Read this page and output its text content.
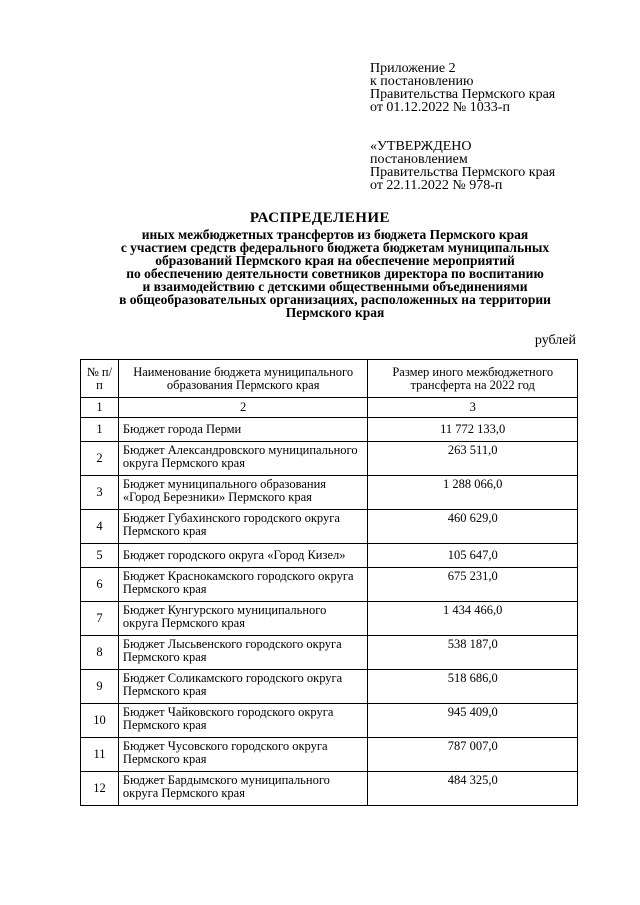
Приложение 2
к постановлению
Правительства Пермского края
от 01.12.2022 № 1033-п
«УТВЕРЖДЕНО
постановлением
Правительства Пермского края
от 22.11.2022 № 978-п
РАСПРЕДЕЛЕНИЕ
иных межбюджетных трансфертов из бюджета Пермского края
с участием средств федерального бюджета бюджетам муниципальных
образований Пермского края на обеспечение мероприятий
по обеспечению деятельности советников директора по воспитанию
и взаимодействию с детскими общественными объединениями
в общеобразовательных организациях, расположенных на территории
Пермского края
рублей
№ п/п	Наименование бюджета муниципального образования Пермского края	Размер иного межбюджетного трансферта на 2022 год
1	2	3
1	Бюджет города Перми	11 772 133,0
2	Бюджет Александровского муниципального округа Пермского края	263 511,0
3	Бюджет муниципального образования «Город Березники» Пермского края	1 288 066,0
4	Бюджет Губахинского городского округа Пермского края	460 629,0
5	Бюджет городского округа «Город Кизел»	105 647,0
6	Бюджет Краснокамского городского округа Пермского края	675 231,0
7	Бюджет Кунгурского муниципального округа Пермского края	1 434 466,0
8	Бюджет Лысьвенского городского округа Пермского края	538 187,0
9	Бюджет Соликамского городского округа Пермского края	518 686,0
10	Бюджет Чайковского городского округа Пермского края	945 409,0
11	Бюджет Чусовского городского округа Пермского края	787 007,0
12	Бюджет Бардымского муниципального округа Пермского края	484 325,0
